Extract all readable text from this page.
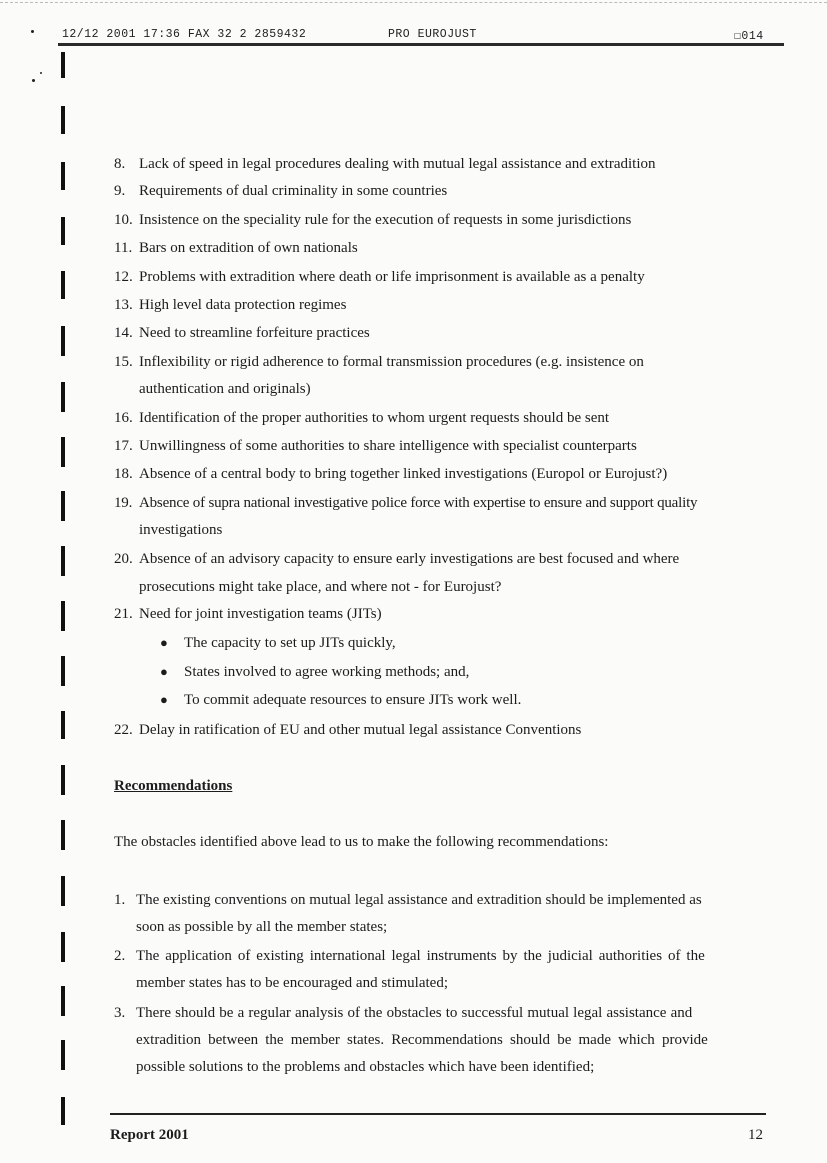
12/12 2001 17:36 FAX 32 2 2859432	PRO EUROJUST	☐014
8. Lack of speed in legal procedures dealing with mutual legal assistance and extradition
9. Requirements of dual criminality in some countries
10. Insistence on the speciality rule for the execution of requests in some jurisdictions
11. Bars on extradition of own nationals
12. Problems with extradition where death or life imprisonment is available as a penalty
13. High level data protection regimes
14. Need to streamline forfeiture practices
15. Inflexibility or rigid adherence to formal transmission procedures (e.g. insistence on
authentication and originals)
16. Identification of the proper authorities to whom urgent requests should be sent
17. Unwillingness of some authorities to share intelligence with specialist counterparts
18. Absence of a central body to bring together linked investigations (Europol or Eurojust?)
19. Absence of supra national investigative police force with expertise to ensure and support quality
investigations
20. Absence of an advisory capacity to ensure early investigations are best focused and where
prosecutions might take place, and where not - for Eurojust?
21. Need for joint investigation teams (JITs)
● The capacity to set up JITs quickly,
● States involved to agree working methods; and,
● To commit adequate resources to ensure JITs work well.
22. Delay in ratification of EU and other mutual legal assistance Conventions
Recommendations
The obstacles identified above lead to us to make the following recommendations:
1. The existing conventions on mutual legal assistance and extradition should be implemented as
soon as possible by all the member states;
2. The application of existing international legal instruments by the judicial authorities of the
member states has to be encouraged and stimulated;
3. There should be a regular analysis of the obstacles to successful mutual legal assistance and
extradition between the member states. Recommendations should be made which provide
possible solutions to the problems and obstacles which have been identified;
Report 2001	12
